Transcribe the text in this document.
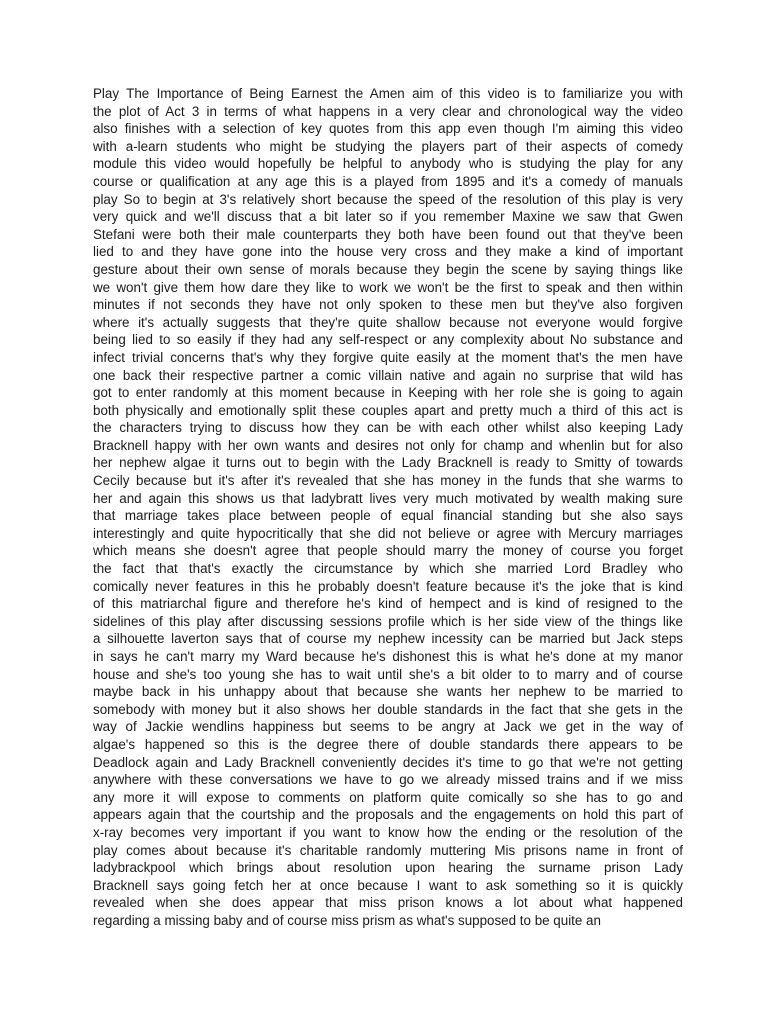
Play The Importance of Being Earnest the Amen aim of this video is to familiarize you with
the plot of Act 3 in terms of what happens in a very clear and chronological way the video
also finishes with a selection of key quotes from this app even though I'm aiming this video
with a-learn students who might be studying the players part of their aspects of comedy
module this video would hopefully be helpful to anybody who is studying the play for any
course or qualification at any age this is a played from 1895 and it's a comedy of manuals
play So to begin at 3's relatively short because the speed of the resolution of this play is very
very quick and we'll discuss that a bit later so if you remember Maxine we saw that Gwen
Stefani were both their male counterparts they both have been found out that they've been
lied to and they have gone into the house very cross and they make a kind of important
gesture about their own sense of morals because they begin the scene by saying things like
we won't give them how dare they like to work we won't be the first to speak and then within
minutes if not seconds they have not only spoken to these men but they've also forgiven
where it's actually suggests that they're quite shallow because not everyone would forgive
being lied to so easily if they had any self-respect or any complexity about No substance and
infect trivial concerns that's why they forgive quite easily at the moment that's the men have
one back their respective partner a comic villain native and again no surprise that wild has
got to enter randomly at this moment because in Keeping with her role she is going to again
both physically and emotionally split these couples apart and pretty much a third of this act is
the characters trying to discuss how they can be with each other whilst also keeping Lady
Bracknell happy with her own wants and desires not only for champ and whenlin but for also
her nephew algae it turns out to begin with the Lady Bracknell is ready to Smitty of towards
Cecily because but it's after it's revealed that she has money in the funds that she warms to
her and again this shows us that ladybratt lives very much motivated by wealth making sure
that marriage takes place between people of equal financial standing but she also says
interestingly and quite hypocritically that she did not believe or agree with Mercury marriages
which means she doesn't agree that people should marry the money of course you forget
the fact that that's exactly the circumstance by which she married Lord Bradley who
comically never features in this he probably doesn't feature because it's the joke that is kind
of this matriarchal figure and therefore he's kind of hempect and is kind of resigned to the
sidelines of this play after discussing sessions profile which is her side view of the things like
a silhouette laverton says that of course my nephew incessity can be married but Jack steps
in says he can't marry my Ward because he's dishonest this is what he's done at my manor
house and she's too young she has to wait until she's a bit older to to marry and of course
maybe back in his unhappy about that because she wants her nephew to be married to
somebody with money but it also shows her double standards in the fact that she gets in the
way of Jackie wendlins happiness but seems to be angry at Jack we get in the way of
algae's happened so this is the degree there of double standards there appears to be
Deadlock again and Lady Bracknell conveniently decides it's time to go that we're not getting
anywhere with these conversations we have to go we already missed trains and if we miss
any more it will expose to comments on platform quite comically so she has to go and
appears again that the courtship and the proposals and the engagements on hold this part of
x-ray becomes very important if you want to know how the ending or the resolution of the
play comes about because it's charitable randomly muttering Mis prisons name in front of
ladybrackpool which brings about resolution upon hearing the surname prison Lady
Bracknell says going fetch her at once because I want to ask something so it is quickly
revealed when she does appear that miss prison knows a lot about what happened
regarding a missing baby and of course miss prism as what's supposed to be quite an
